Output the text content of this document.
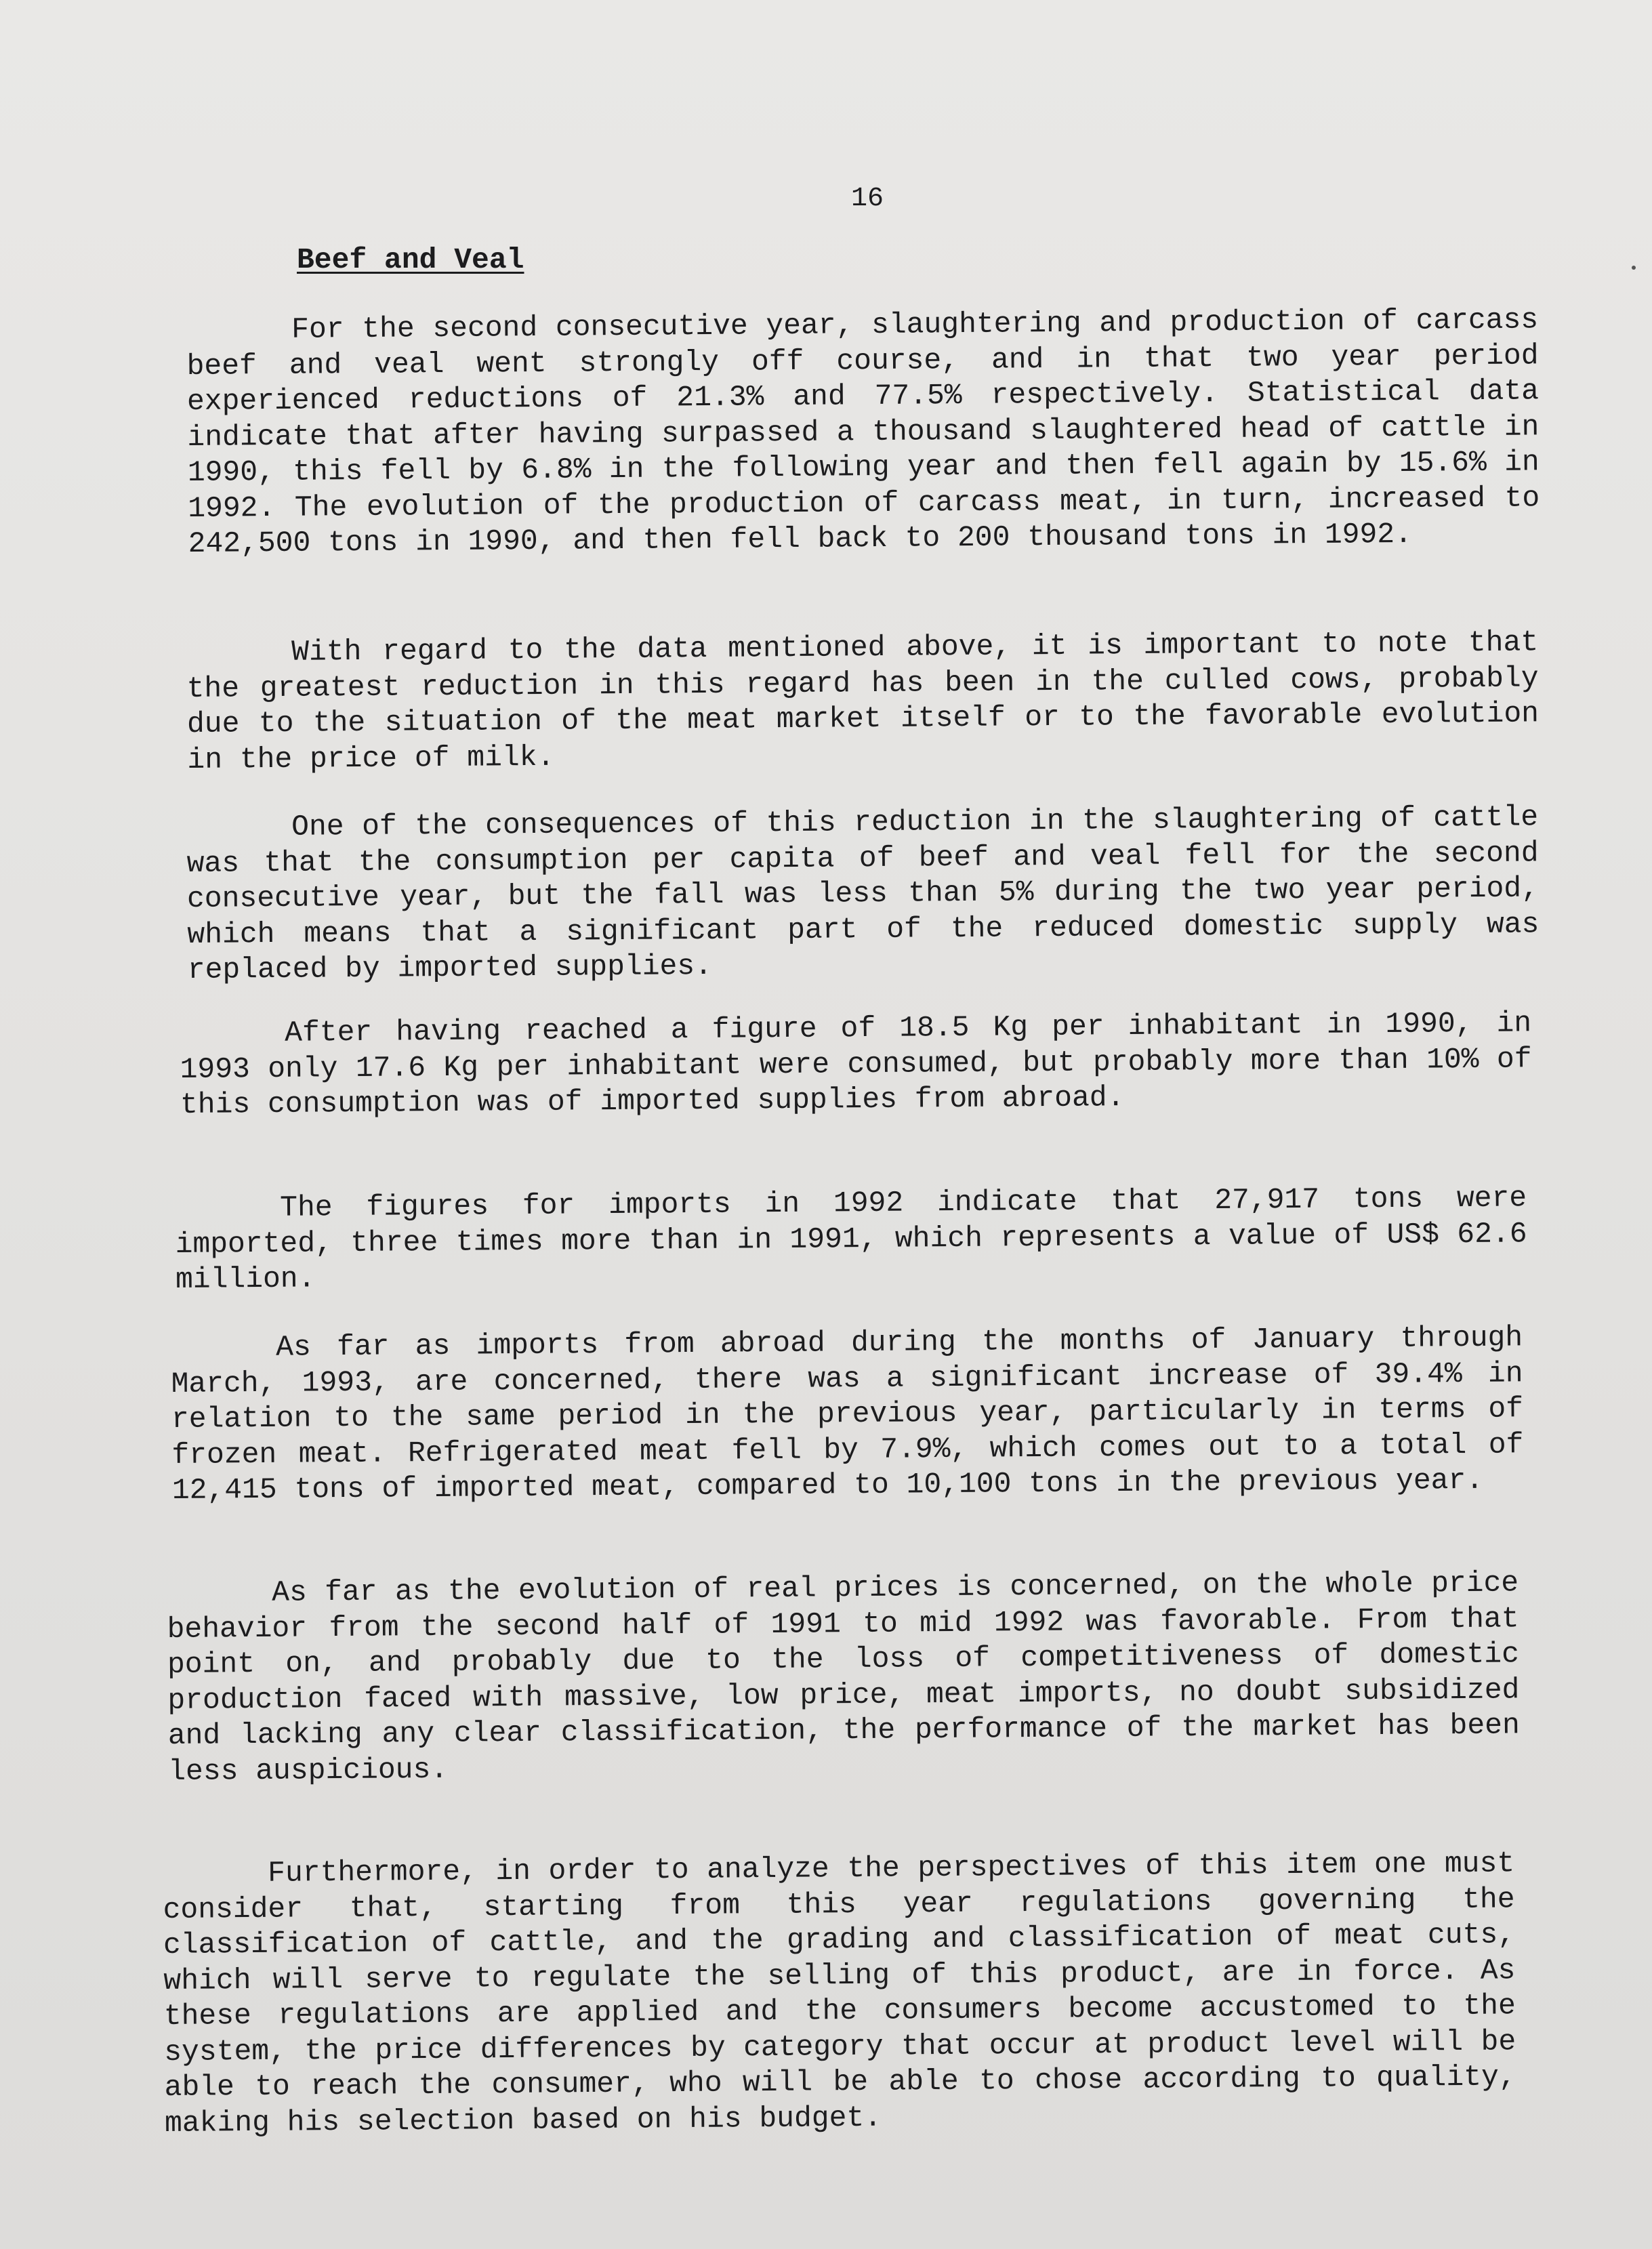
16
Beef and Veal

For the second consecutive year, slaughtering and production of carcass beef and veal went strongly off course, and in that two year period experienced reductions of 21.3% and 77.5% respectively. Statistical data indicate that after having surpassed a thousand slaughtered head of cattle in 1990, this fell by 6.8% in the following year and then fell again by 15.6% in 1992. The evolution of the production of carcass meat, in turn, increased to 242,500 tons in 1990, and then fell back to 200 thousand tons in 1992.

With regard to the data mentioned above, it is important to note that the greatest reduction in this regard has been in the culled cows, probably due to the situation of the meat market itself or to the favorable evolution in the price of milk.

One of the consequences of this reduction in the slaughtering of cattle was that the consumption per capita of beef and veal fell for the second consecutive year, but the fall was less than 5% during the two year period, which means that a significant part of the reduced domestic supply was replaced by imported supplies.

After having reached a figure of 18.5 Kg per inhabitant in 1990, in 1993 only 17.6 Kg per inhabitant were consumed, but probably more than 10% of this consumption was of imported supplies from abroad.

The figures for imports in 1992 indicate that 27,917 tons were imported, three times more than in 1991, which represents a value of US$ 62.6 million.

As far as imports from abroad during the months of January through March, 1993, are concerned, there was a significant increase of 39.4% in relation to the same period in the previous year, particularly in terms of frozen meat. Refrigerated meat fell by 7.9%, which comes out to a total of 12,415 tons of imported meat, compared to 10,100 tons in the previous year.

As far as the evolution of real prices is concerned, on the whole price behavior from the second half of 1991 to mid 1992 was favorable. From that point on, and probably due to the loss of competitiveness of domestic production faced with massive, low price, meat imports, no doubt subsidized and lacking any clear classification, the performance of the market has been less auspicious.

Furthermore, in order to analyze the perspectives of this item one must consider that, starting from this year regulations governing the classification of cattle, and the grading and classification of meat cuts, which will serve to regulate the selling of this product, are in force. As these regulations are applied and the consumers become accustomed to the system, the price differences by category that occur at product level will be able to reach the consumer, who will be able to chose according to quality, making his selection based on his budget.
